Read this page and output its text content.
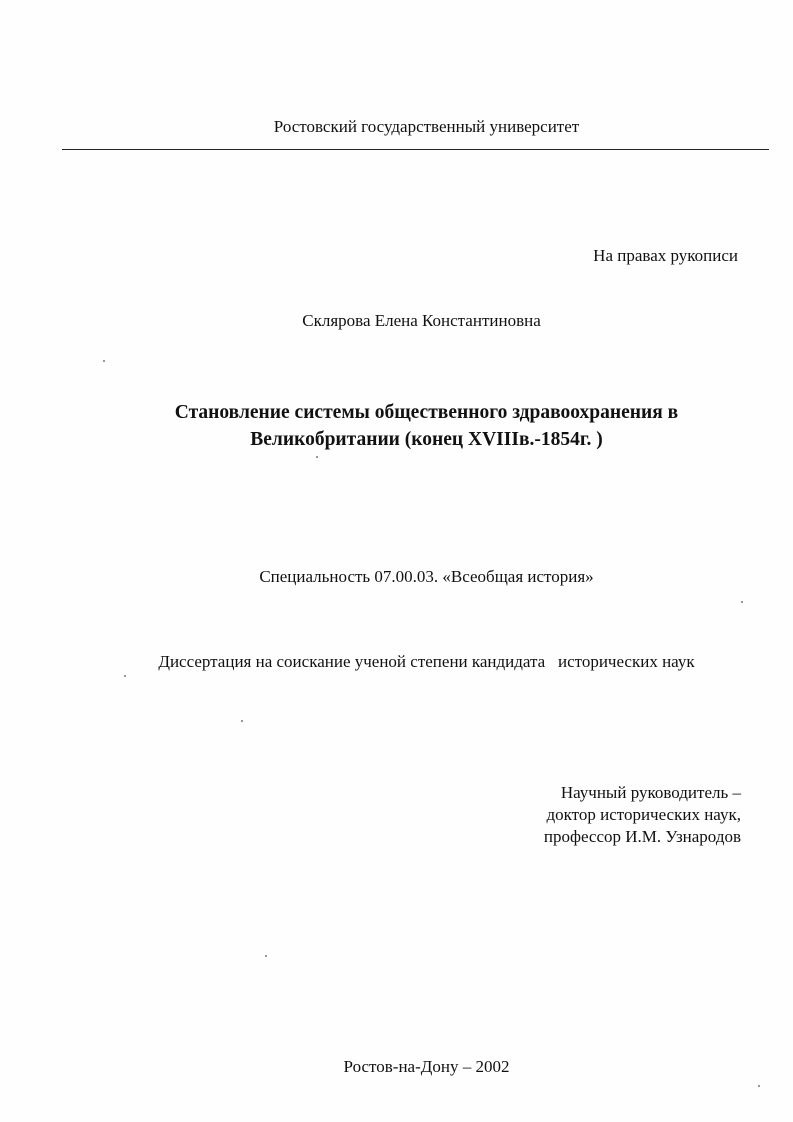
Ростовский государственный университет
На правах рукописи
Склярова Елена Константиновна
Становление системы общественного здравоохранения в
Великобритании (конец XVIIIв.-1854г. )
Специальность 07.00.03. «Всеобщая история»
Диссертация на соискание ученой степени кандидата   исторических наук
Научный руководитель –
доктор исторических наук,
профессор И.М. Узнародов
Ростов-на-Дону – 2002
